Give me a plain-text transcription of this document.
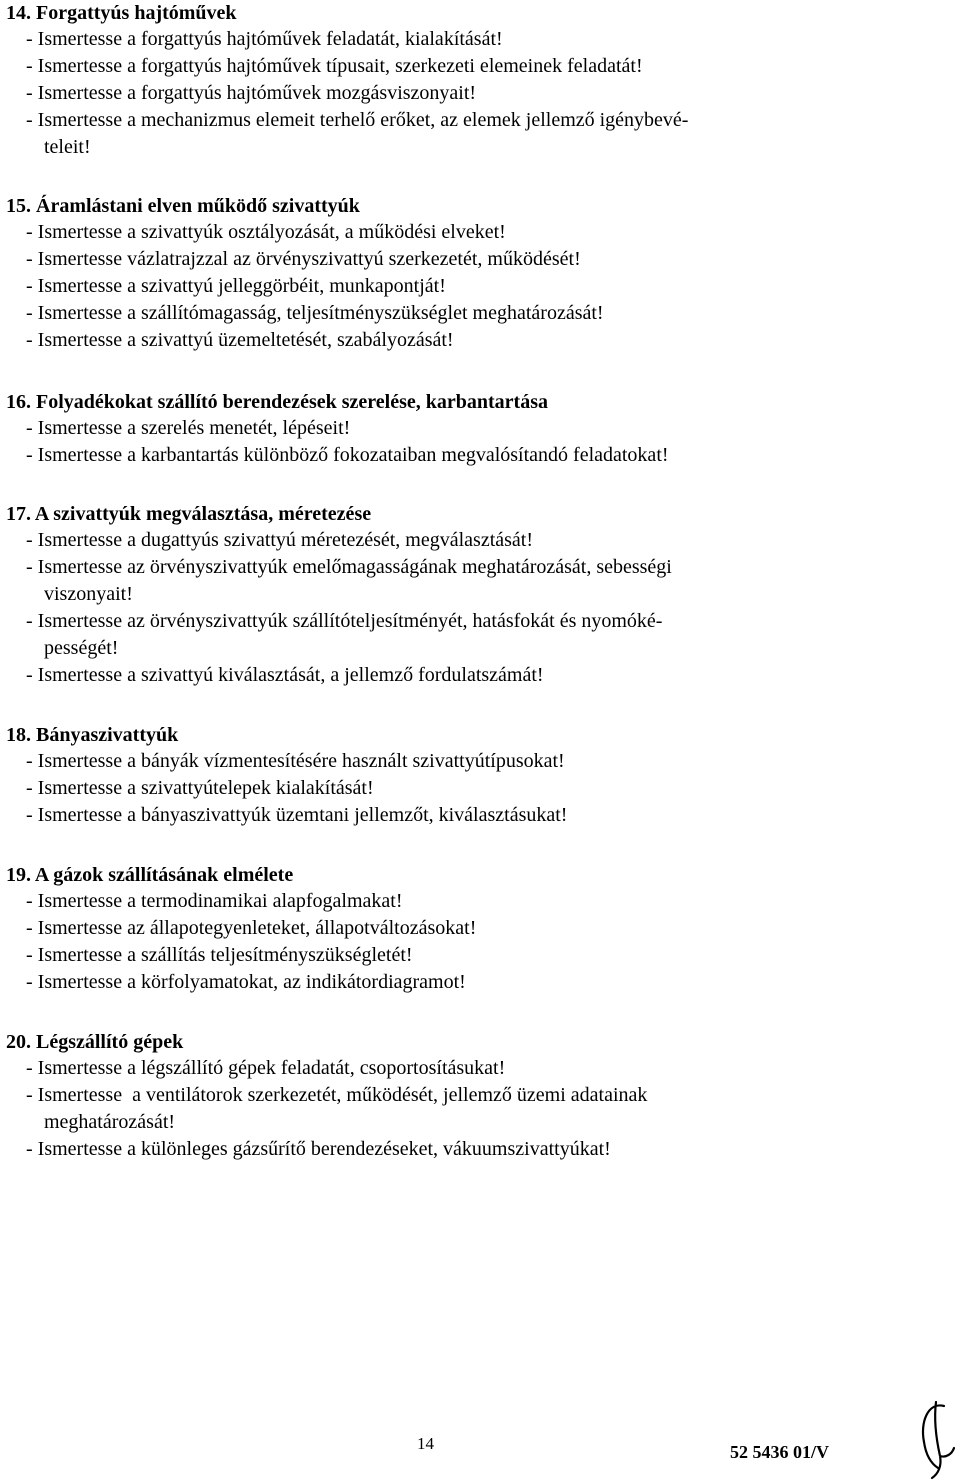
14. Forgattyús hajtóművek
- Ismertesse a forgattyús hajtóművek feladatát, kialakítását!
- Ismertesse a forgattyús hajtóművek típusait, szerkezeti elemeinek feladatát!
- Ismertesse a forgattyús hajtóművek mozgásviszonyait!
- Ismertesse a mechanizmus elemeit terhelő erőket, az elemek jellemző igénybevé-
teleit!
15. Áramlástani elven működő szivattyúk
- Ismertesse a szivattyúk osztályozását, a működési elveket!
- Ismertesse vázlatrajzzal az örvényszivattyú szerkezetét, működését!
- Ismertesse a szivattyú jelleggörbéit, munkapontját!
- Ismertesse a szállítómagasság, teljesítményszükséglet meghatározását!
- Ismertesse a szivattyú üzemeltetését, szabályozását!
16. Folyadékokat szállító berendezések szerelése, karbantartása
- Ismertesse a szerelés menetét, lépéseit!
- Ismertesse a karbantartás különböző fokozataiban megvalósítandó feladatokat!
17. A szivattyúk megválasztása, méretezése
- Ismertesse a dugattyús szivattyú méretezését, megválasztását!
- Ismertesse az örvényszivattyúk emelőmagasságának meghatározását, sebességi
viszonyait!
- Ismertesse az örvényszivattyúk szállítóteljesítményét, hatásfokát és nyomóké-
pességét!
- Ismertesse a szivattyú kiválasztását, a jellemző fordulatszámát!
18. Bányaszivattyúk
- Ismertesse a bányák vízmentesítésére használt szivattyútípusokat!
- Ismertesse a szivattyútelepek kialakítását!
- Ismertesse a bányaszivattyúk üzemtani jellemzőt, kiválasztásukat!
19. A gázok szállításának elmélete
- Ismertesse a termodinamikai alapfogalmakat!
- Ismertesse az állapotegyenleteket, állapotváltozásokat!
- Ismertesse a szállítás teljesítményszükségletét!
- Ismertesse a körfolyamatokat, az indikátordiagramot!
20. Légszállító gépek
- Ismertesse a légszállító gépek feladatát, csoportosításukat!
- Ismertesse  a ventilátorok szerkezetét, működését, jellemző üzemi adatainak
meghatározását!
- Ismertesse a különleges gázsűrítő berendezéseket, vákuumszivattyúkat!
14	52 5436 01/V
